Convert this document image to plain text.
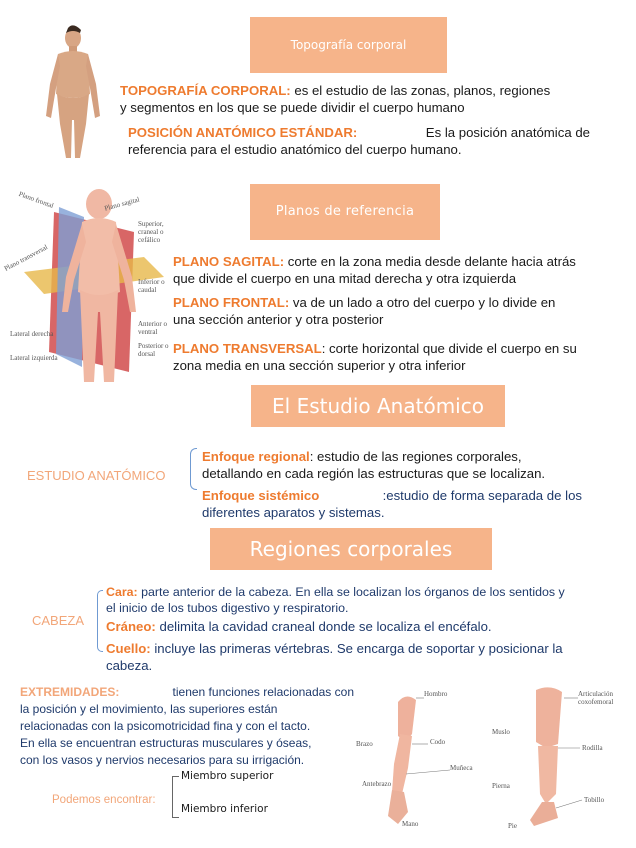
Topografía corporal
TOPOGRAFÍA CORPORAL: es el estudio de las zonas, planos, regiones
y segmentos en los que se puede dividir el cuerpo humano
POSICIÓN ANATÓMICO ESTÁNDAR:	Es la posición anatómica de
referencia para el estudio anatómico del cuerpo humano.
Plano frontal	Plano sagital
Plano transversal
Superior, craneal o cefálico
Inferior o caudal
Anterior o ventral
Posterior o dorsal
Lateral derecha
Lateral izquierda
Planos de referencia
PLANO SAGITAL: corte en la zona media desde delante hacia atrás
que divide el cuerpo en una mitad derecha y otra izquierda
PLANO FRONTAL: va de un lado a otro del cuerpo y lo divide en
una sección anterior y otra posterior
PLANO TRANSVERSAL: corte horizontal que divide el cuerpo en su
zona media en una sección superior y otra inferior
El Estudio Anatómico
ESTUDIO ANATÓMICO
Enfoque regional: estudio de las regiones corporales,
detallando en cada región las estructuras que se localizan.
Enfoque sistémico	:estudio de forma separada de los
diferentes aparatos y sistemas.
Regiones corporales
CABEZA
Cara: parte anterior de la cabeza. En ella se localizan los órganos de los sentidos y
el inicio de los tubos digestivo y respiratorio.
Cráneo: delimita la cavidad craneal donde se localiza el encéfalo.
Cuello: incluye las primeras vértebras. Se encarga de soportar y posicionar la
cabeza.
EXTREMIDADES:	tienen funciones relacionadas con
la posición y el movimiento, las superiores están
relacionadas con la psicomotricidad fina y con el tacto.
En ella se encuentran estructuras musculares y óseas,
con los vasos y nervios necesarios para su irrigación.
Podemos encontrar:
Miembro superior
Miembro inferior
Hombro
Brazo	Codo
Antebrazo
Muñeca
Mano
Articulación coxofemoral
Muslo
Rodilla
Pierna
Tobillo
Pie
